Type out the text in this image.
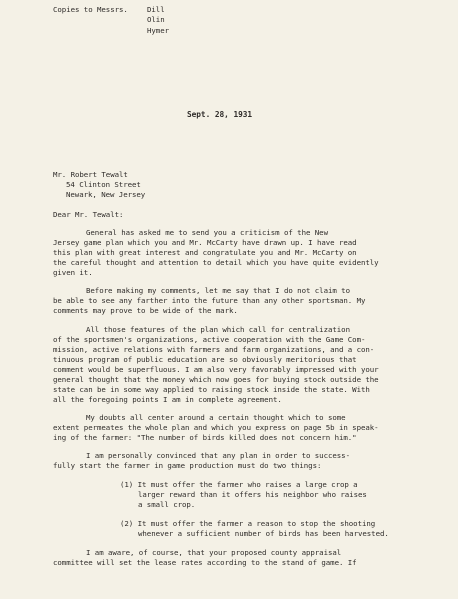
Copies to Messrs.	Dill
Olin
Hymer
Sept. 28, 1931
Mr. Robert Tewalt
54 Clinton Street
Newark, New Jersey
Dear Mr. Tewalt:
General has asked me to send you a criticism of the New
Jersey game plan which you and Mr. McCarty have drawn up. I have read
this plan with great interest and congratulate you and Mr. McCarty on
the careful thought and attention to detail which you have quite evidently
given it.
Before making my comments, let me say that I do not claim to
be able to see any farther into the future than any other sportsman. My
comments may prove to be wide of the mark.
All those features of the plan which call for centralization
of the sportsmen's organizations, active cooperation with the Game Com-
mission, active relations with farmers and farm organizations, and a con-
tinuous program of public education are so obviously meritorious that
comment would be superfluous. I am also very favorably impressed with your
general thought that the money which now goes for buying stock outside the
state can be in some way applied to raising stock inside the state. With
all the foregoing points I am in complete agreement.
My doubts all center around a certain thought which to some
extent permeates the whole plan and which you express on page 5b in speak-
ing of the farmer: "The number of birds killed does not concern him."
I am personally convinced that any plan in order to success-
fully start the farmer in game production must do two things:
(1) It must offer the farmer who raises a large crop a
larger reward than it offers his neighbor who raises
a small crop.
(2) It must offer the farmer a reason to stop the shooting
whenever a sufficient number of birds has been harvested.
I am aware, of course, that your proposed county appraisal
committee will set the lease rates according to the stand of game. If
